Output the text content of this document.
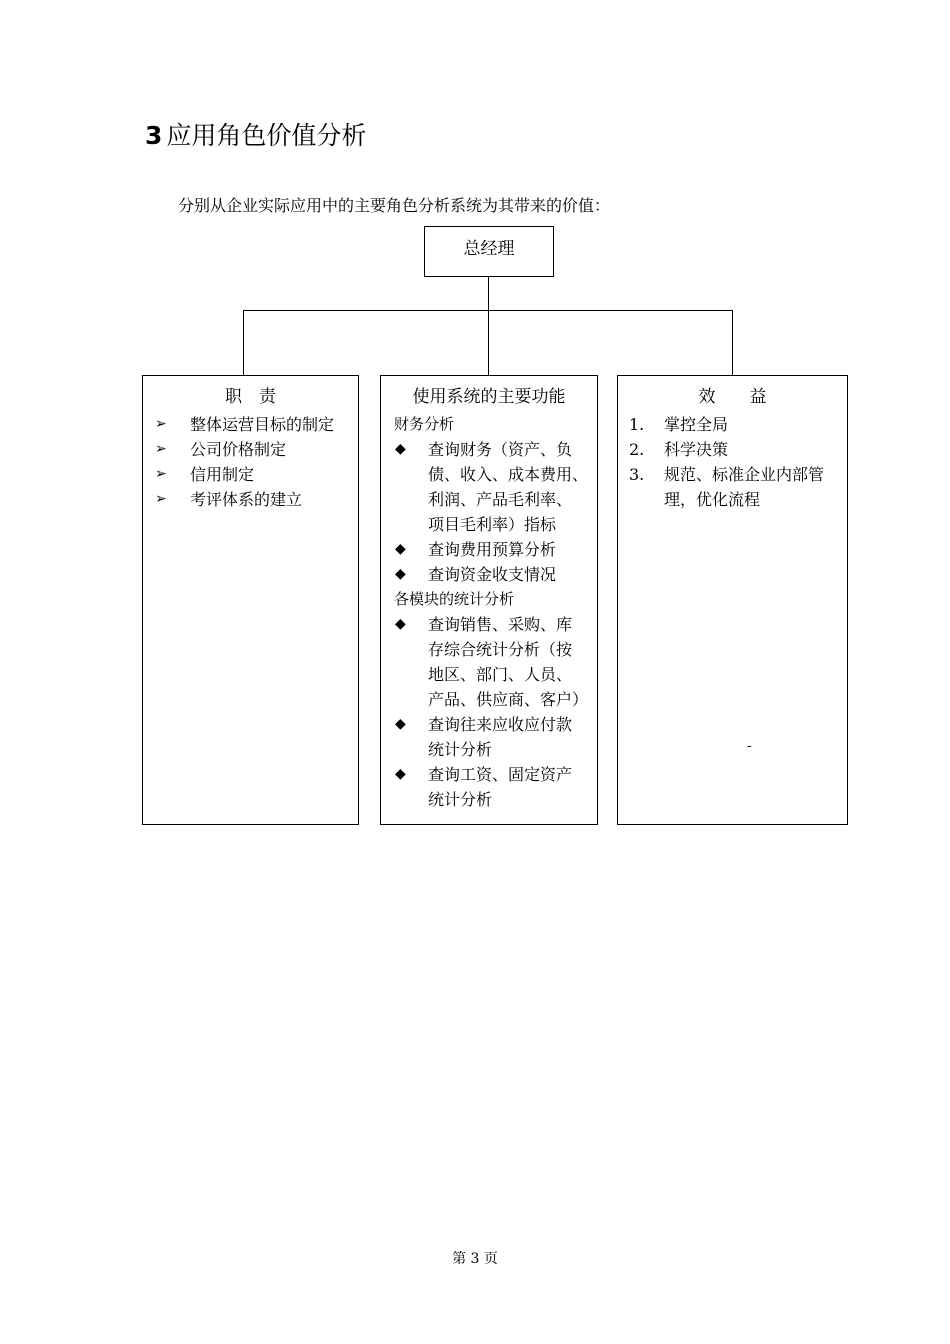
3 应用角色价值分析
分别从企业实际应用中的主要角色分析系统为其带来的价值：
总经理
职　责
➢ 整体运营目标的制定
➢ 公司价格制定
➢ 信用制定
➢ 考评体系的建立
使用系统的主要功能
财务分析
◆ 查询财务（资产、负
债、收入、成本费用、
利润、产品毛利率、
项目毛利率）指标
◆ 查询费用预算分析
◆ 查询资金收支情况
各模块的统计分析
◆ 查询销售、采购、库
存综合统计分析（按
地区、部门、人员、
产品、供应商、客户）
◆ 查询往来应收应付款
统计分析
◆ 查询工资、固定资产
统计分析
效　　益
1. 掌控全局
2. 科学决策
3. 规范、标准企业内部管
理，优化流程
-
第 3 页
